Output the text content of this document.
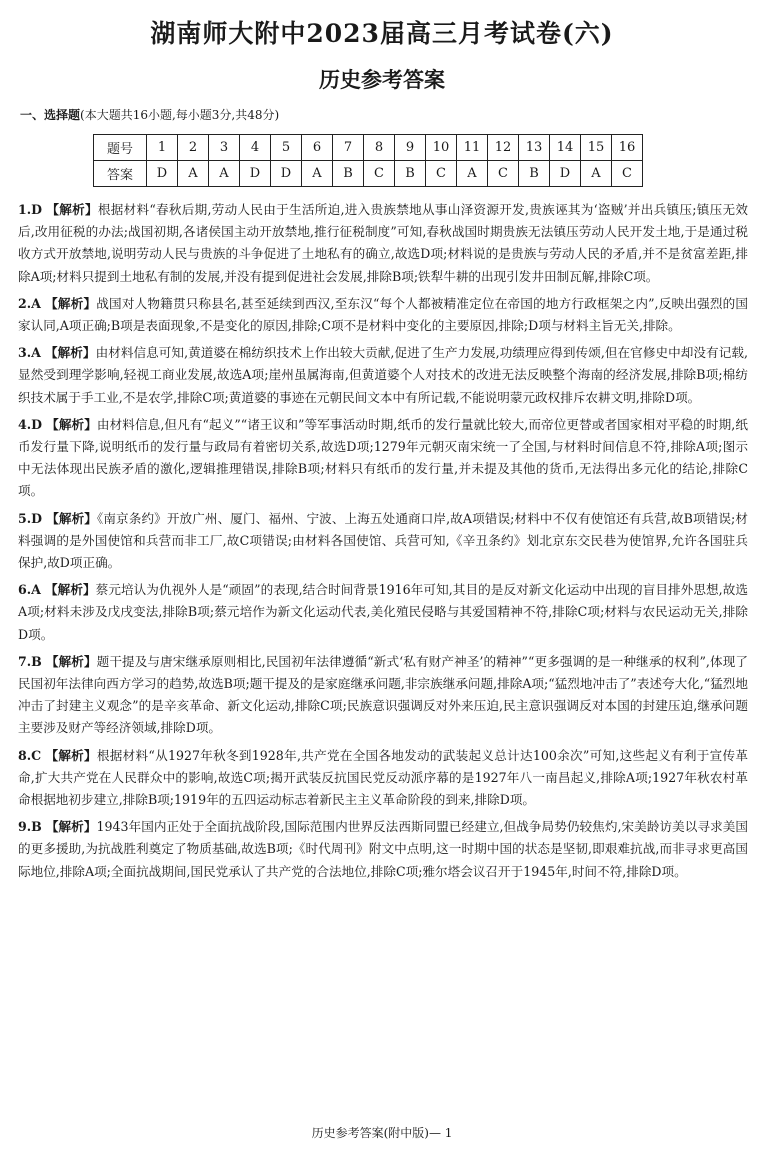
湖南师大附中2023届高三月考试卷(六)
历史参考答案
一、选择题(本大题共16小题,每小题3分,共48分)
题号	1	2	3	4	5	6	7	8	9	10	11	12	13	14	15	16
答案	D	A	A	D	D	A	B	C	B	C	A	C	B	D	A	C
1.D 【解析】根据材料“春秋后期,劳动人民由于生活所迫,进入贵族禁地从事山泽资源开发,贵族诬其为‘盗贼’并出兵镇压;镇压无效后,改用征税的办法;战国初期,各诸侯国主动开放禁地,推行征税制度”可知,春秋战国时期贵族无法镇压劳动人民开发土地,于是通过税收方式开放禁地,说明劳动人民与贵族的斗争促进了土地私有的确立,故选D项;材料说的是贵族与劳动人民的矛盾,并不是贫富差距,排除A项;材料只提到土地私有制的发展,并没有提到促进社会发展,排除B项;铁犁牛耕的出现引发井田制瓦解,排除C项。
2.A 【解析】战国对人物籍贯只称县名,甚至延续到西汉,至东汉“每个人都被精准定位在帝国的地方行政框架之内”,反映出强烈的国家认同,A项正确;B项是表面现象,不是变化的原因,排除;C项不是材料中变化的主要原因,排除;D项与材料主旨无关,排除。
3.A 【解析】由材料信息可知,黄道婆在棉纺织技术上作出较大贡献,促进了生产力发展,功绩理应得到传颂,但在官修史中却没有记载,显然受到理学影响,轻视工商业发展,故选A项;崖州虽属海南,但黄道婆个人对技术的改进无法反映整个海南的经济发展,排除B项;棉纺织技术属于手工业,不是农学,排除C项;黄道婆的事迹在元朝民间文本中有所记载,不能说明蒙元政权排斥农耕文明,排除D项。
4.D 【解析】由材料信息,但凡有“起义”“诸王议和”等军事活动时期,纸币的发行量就比较大,而帝位更替或者国家相对平稳的时期,纸币发行量下降,说明纸币的发行量与政局有着密切关系,故选D项;1279年元朝灭南宋统一了全国,与材料时间信息不符,排除A项;图示中无法体现出民族矛盾的激化,逻辑推理错误,排除B项;材料只有纸币的发行量,并未提及其他的货币,无法得出多元化的结论,排除C项。
5.D 【解析】《南京条约》开放广州、厦门、福州、宁波、上海五处通商口岸,故A项错误;材料中不仅有使馆还有兵营,故B项错误;材料强调的是外国使馆和兵营而非工厂,故C项错误;由材料各国使馆、兵营可知,《辛丑条约》划北京东交民巷为使馆界,允许各国驻兵保护,故D项正确。
6.A 【解析】蔡元培认为仇视外人是“顽固”的表现,结合时间背景1916年可知,其目的是反对新文化运动中出现的盲目排外思想,故选A项;材料未涉及戊戌变法,排除B项;蔡元培作为新文化运动代表,美化殖民侵略与其爱国精神不符,排除C项;材料与农民运动无关,排除D项。
7.B 【解析】题干提及与唐宋继承原则相比,民国初年法律遵循“新式‘私有财产神圣’的精神”“更多强调的是一种继承的权利”,体现了民国初年法律向西方学习的趋势,故选B项;题干提及的是家庭继承问题,非宗族继承问题,排除A项;“猛烈地冲击了”表述夸大化,“猛烈地冲击了封建主义观念”的是辛亥革命、新文化运动,排除C项;民族意识强调反对外来压迫,民主意识强调反对本国的封建压迫,继承问题主要涉及财产等经济领域,排除D项。
8.C 【解析】根据材料“从1927年秋冬到1928年,共产党在全国各地发动的武装起义总计达100余次”可知,这些起义有利于宣传革命,扩大共产党在人民群众中的影响,故选C项;揭开武装反抗国民党反动派序幕的是1927年八一南昌起义,排除A项;1927年秋农村革命根据地初步建立,排除B项;1919年的五四运动标志着新民主主义革命阶段的到来,排除D项。
9.B 【解析】1943年国内正处于全面抗战阶段,国际范围内世界反法西斯同盟已经建立,但战争局势仍较焦灼,宋美龄访美以寻求美国的更多援助,为抗战胜利奠定了物质基础,故选B项;《时代周刊》附文中点明,这一时期中国的状态是坚韧,即艰难抗战,而非寻求更高国际地位,排除A项;全面抗战期间,国民党承认了共产党的合法地位,排除C项;雅尔塔会议召开于1945年,时间不符,排除D项。
历史参考答案(附中版)— 1
